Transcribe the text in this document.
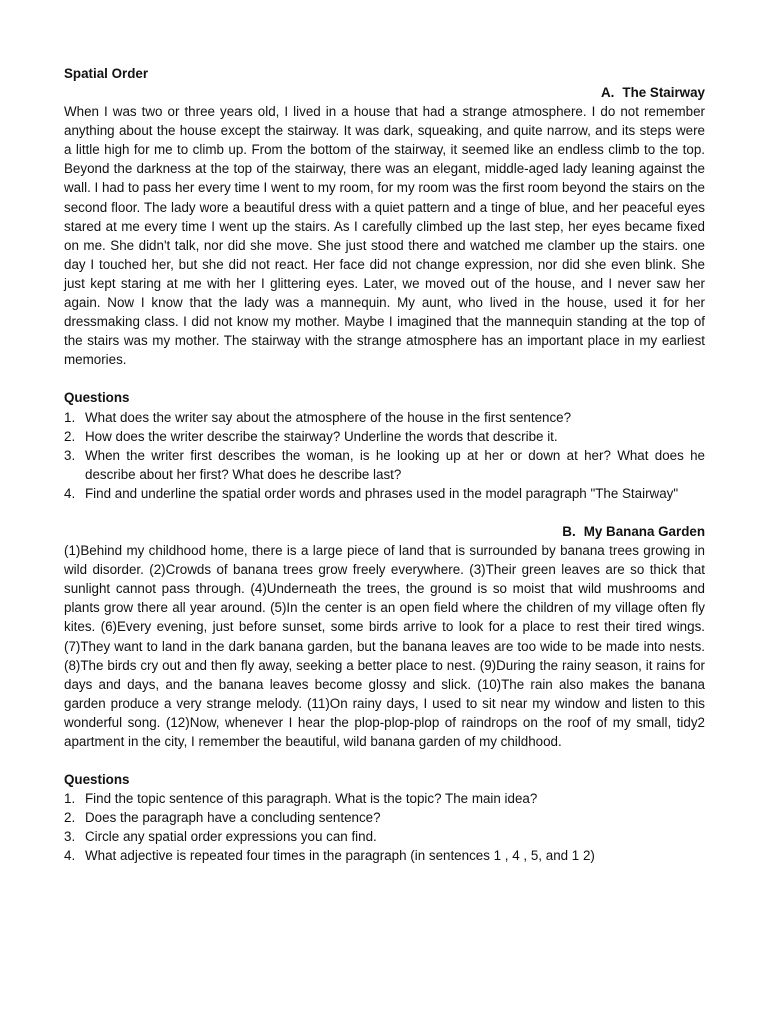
Spatial Order

A. The Stairway

When I was two or three years old, I lived in a house that had a strange atmosphere. I do not remember anything about the house except the stairway. It was dark, squeaking, and quite narrow, and its steps were a little high for me to climb up. From the bottom of the stairway, it seemed like an endless climb to the top. Beyond the darkness at the top of the stairway, there was an elegant, middle-aged lady leaning against the wall. I had to pass her every time I went to my room, for my room was the first room beyond the stairs on the second floor. The lady wore a beautiful dress with a quiet pattern and a tinge of blue, and her peaceful eyes stared at me every time I went up the stairs. As I carefully climbed up the last step, her eyes became fixed on me. She didn't talk, nor did she move. She just stood there and watched me clamber up the stairs. one day I touched her, but she did not react. Her face did not change expression, nor did she even blink. She just kept staring at me with her I glittering eyes. Later, we moved out of the house, and I never saw her again. Now I know that the lady was a mannequin. My aunt, who lived in the house, used it for her dressmaking class. I did not know my mother. Maybe I imagined that the mannequin standing at the top of the stairs was my mother. The stairway with the strange atmosphere has an important place in my earliest memories.

Questions

1. What does the writer say about the atmosphere of the house in the first sentence?
2. How does the writer describe the stairway? Underline the words that describe it.
3. When the writer first describes the woman, is he looking up at her or down at her? What does he describe about her first? What does he describe last?
4. Find and underline the spatial order words and phrases used in the model paragraph "The Stairway"

B. My Banana Garden

(1)Behind my childhood home, there is a large piece of land that is surrounded by banana trees growing in wild disorder. (2)Crowds of banana trees grow freely everywhere. (3)Their green leaves are so thick that sunlight cannot pass through. (4)Underneath the trees, the ground is so moist that wild mushrooms and plants grow there all year around. (5)In the center is an open field where the children of my village often fly kites. (6)Every evening, just before sunset, some birds arrive to look for a place to rest their tired wings. (7)They want to land in the dark banana garden, but the banana leaves are too wide to be made into nests. (8)The birds cry out and then fly away, seeking a better place to nest. (9)During the rainy season, it rains for days and days, and the banana leaves become glossy and slick. (10)The rain also makes the banana garden produce a very strange melody. (11)On rainy days, I used to sit near my window and listen to this wonderful song. (12)Now, whenever I hear the plop-plop-plop of raindrops on the roof of my small, tidy2 apartment in the city, I remember the beautiful, wild banana garden of my childhood.

Questions

1. Find the topic sentence of this paragraph. What is the topic? The main idea?
2. Does the paragraph have a concluding sentence?
3. Circle any spatial order expressions you can find.
4. What adjective is repeated four times in the paragraph (in sentences 1 , 4 , 5, and 1 2)
